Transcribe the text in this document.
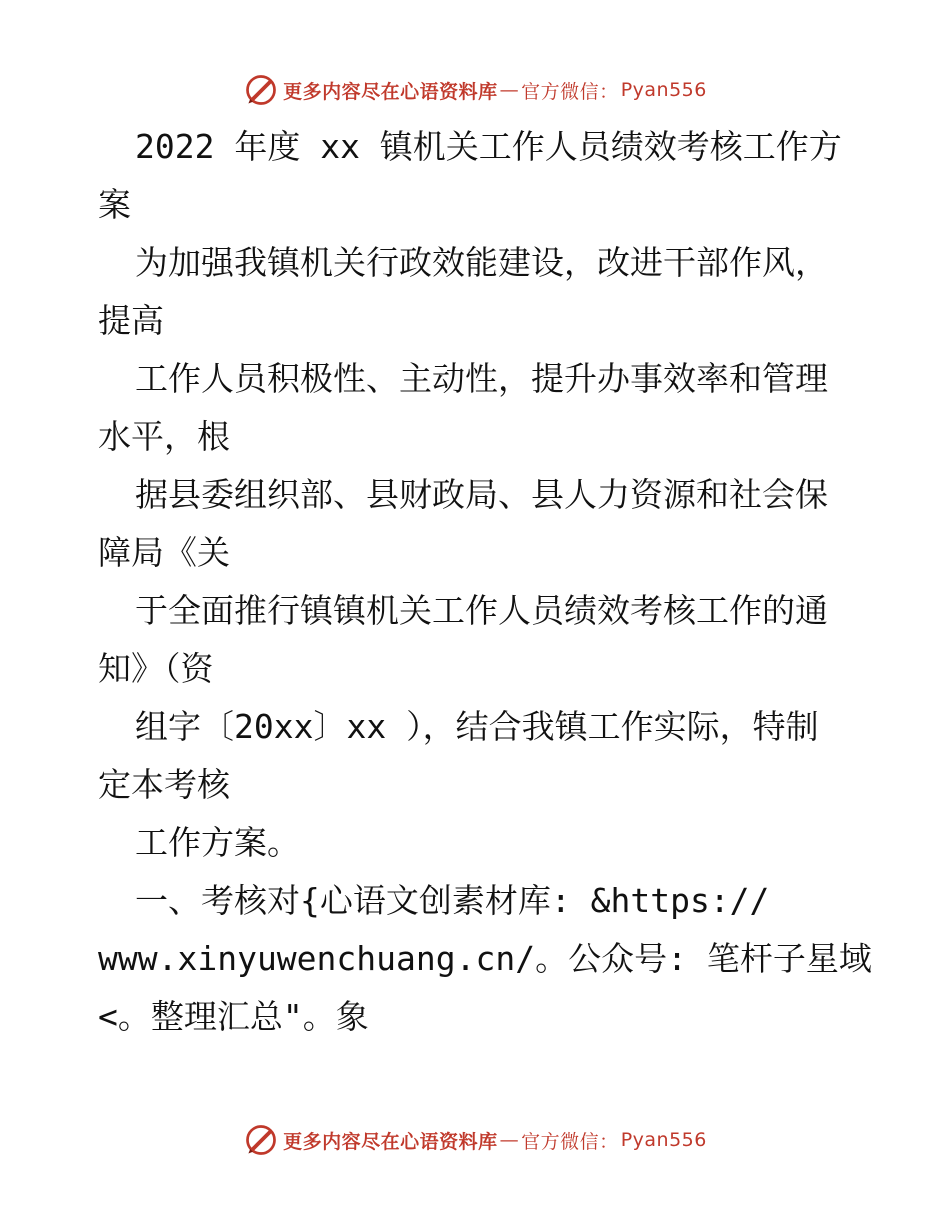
更多内容尽在心语资料库 — 官方微信： Pyan556
2022 年度 xx 镇机关工作人员绩效考核工作方
案
为加强我镇机关行政效能建设，改进干部作风，
提高
工作人员积极性、主动性，提升办事效率和管理
水平，根
据县委组织部、县财政局、县人力资源和社会保
障局《关
于全面推行镇镇机关工作人员绩效考核工作的通
知》（资
组字〔20xx〕xx ），结合我镇工作实际，特制
定本考核
工作方案。
一、考核对{心语文创素材库: &https://
www.xinyuwenchuang.cn/。公众号: 笔杆子星域
<。整理汇总"。象
更多内容尽在心语资料库 — 官方微信： Pyan556
